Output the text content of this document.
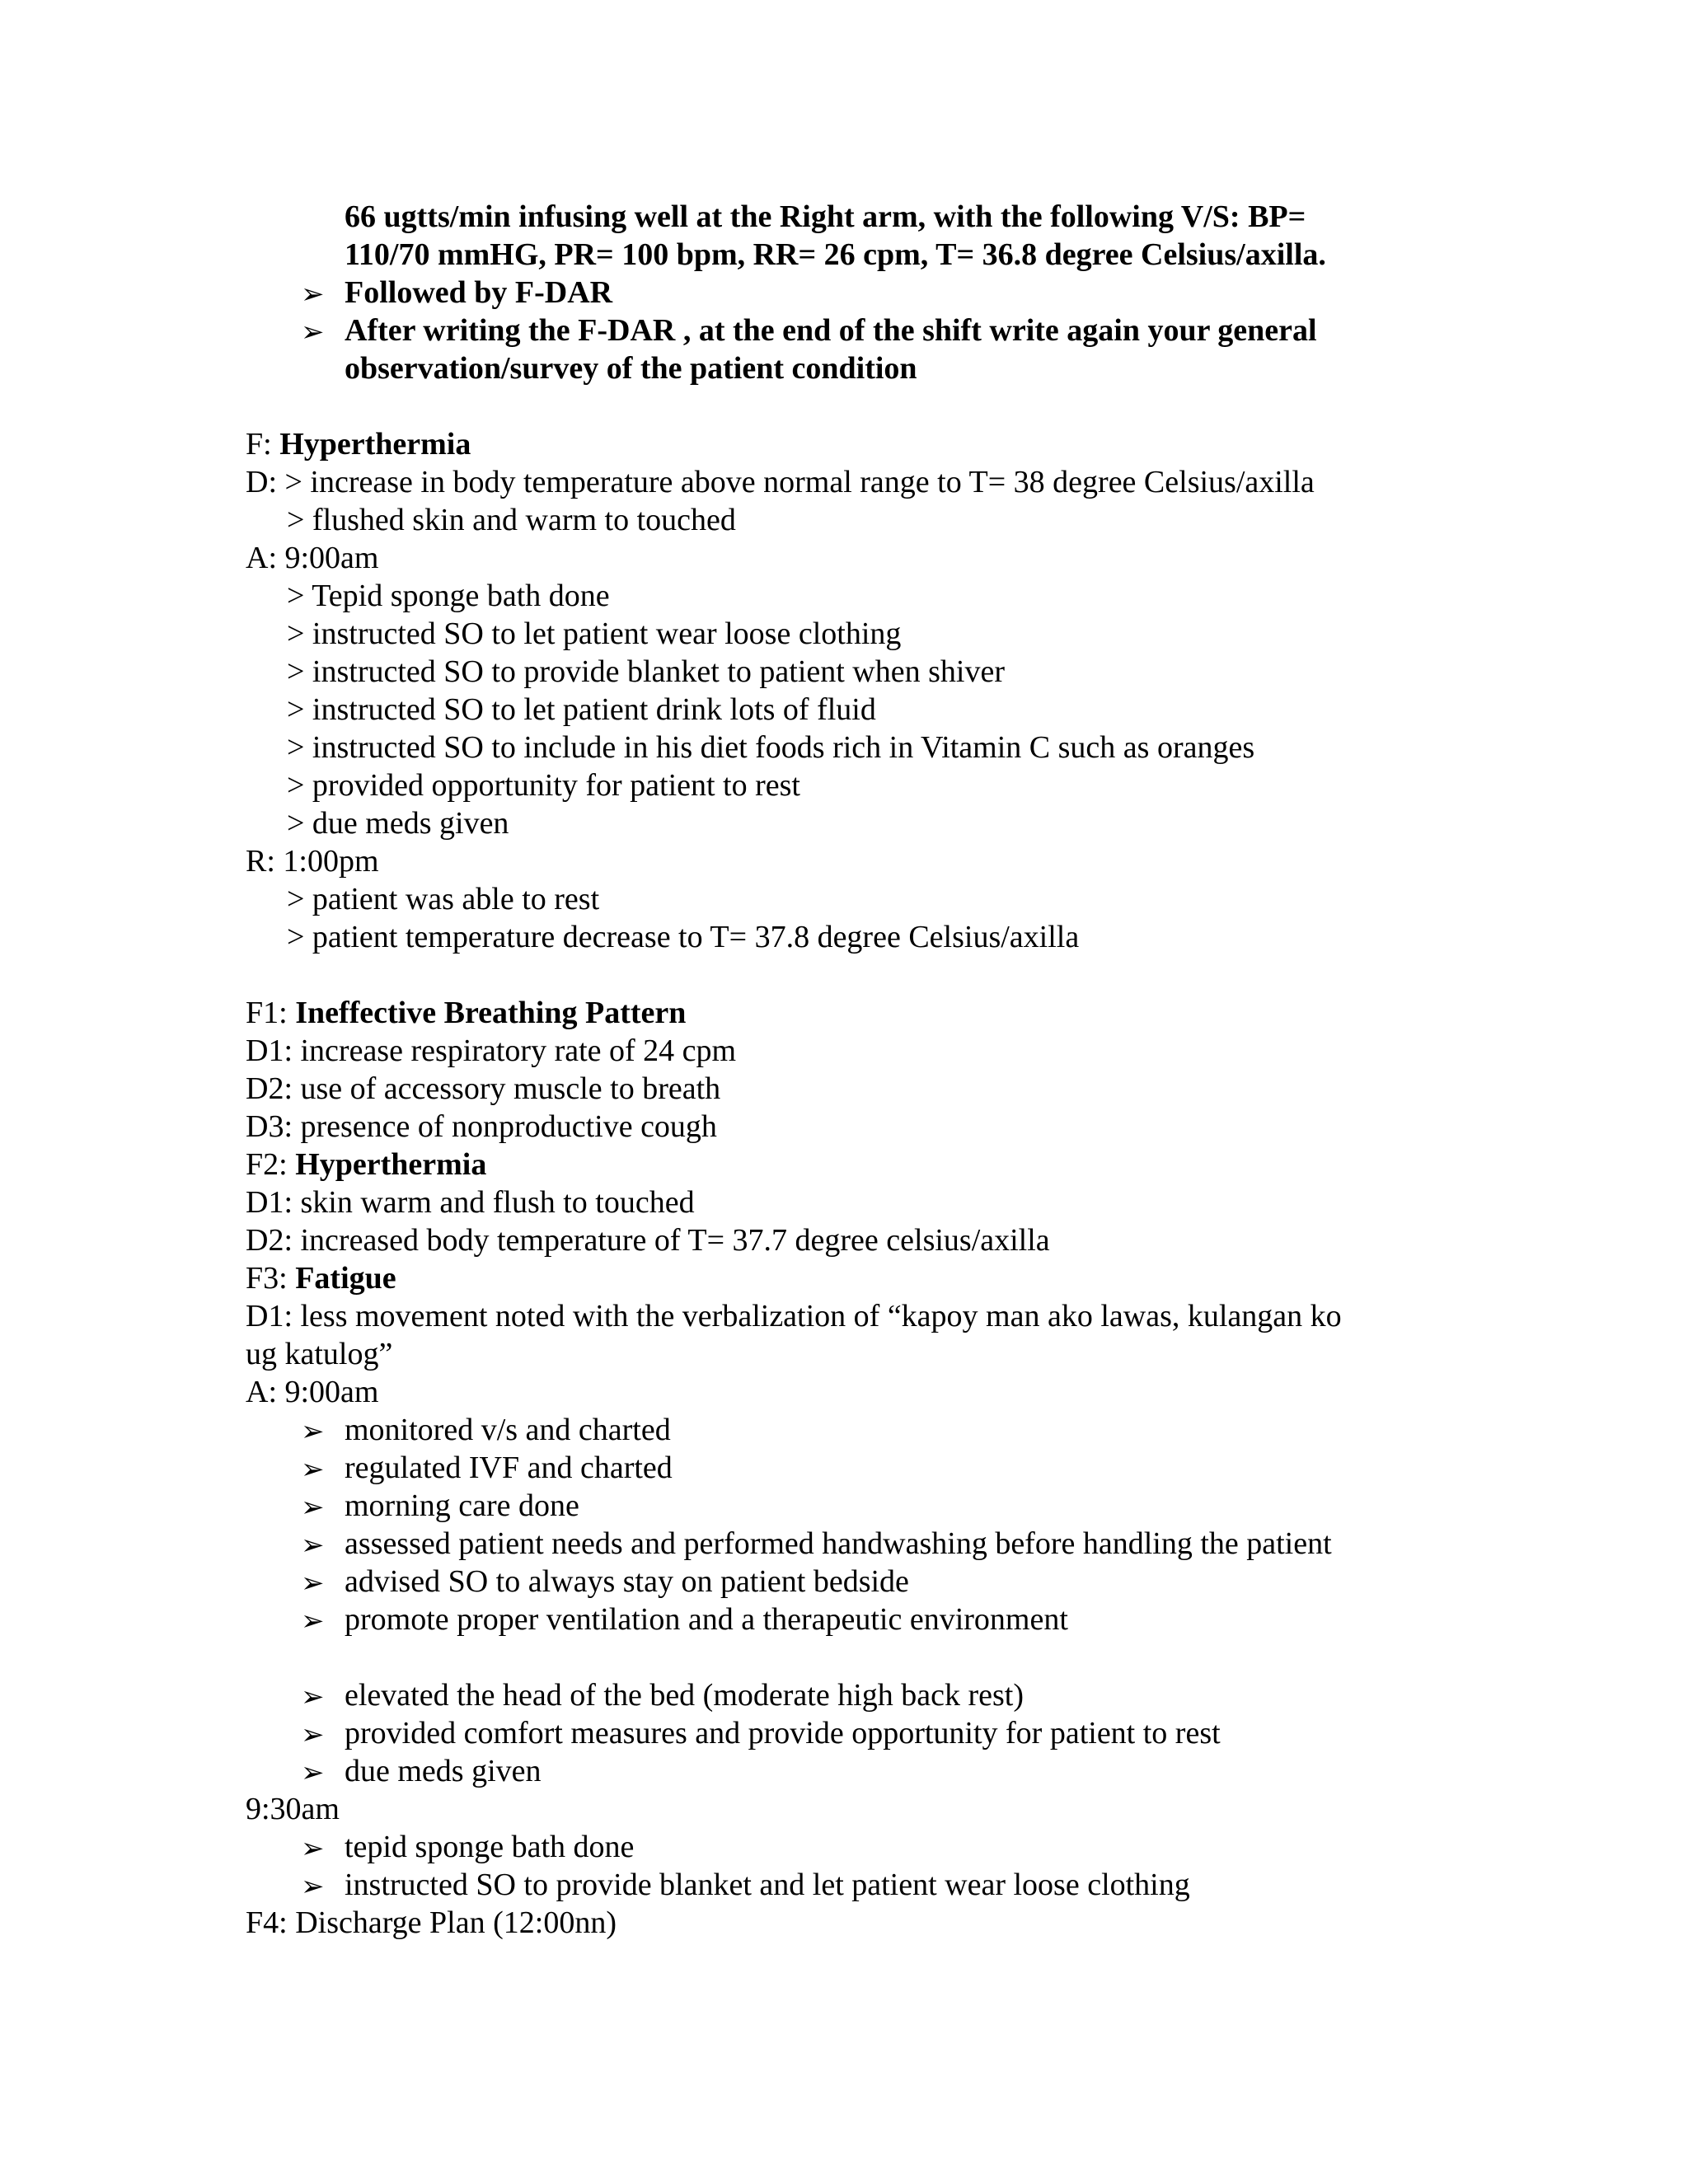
66 ugtts/min infusing well at the Right arm, with the following V/S: BP=
110/70 mmHG, PR= 100 bpm, RR= 26 cpm, T= 36.8 degree Celsius/axilla.
➢ Followed by F-DAR
➢ After writing the F-DAR , at the end of the shift write again your general
observation/survey of the patient condition
F: Hyperthermia
D: > increase in body temperature above normal range to T= 38 degree Celsius/axilla
> flushed skin and warm to touched
A: 9:00am
> Tepid sponge bath done
> instructed SO to let patient wear loose clothing
> instructed SO to provide blanket to patient when shiver
> instructed SO to let patient drink lots of fluid
> instructed SO to include in his diet foods rich in Vitamin C such as oranges
> provided opportunity for patient to rest
> due meds given
R: 1:00pm
> patient was able to rest
> patient temperature decrease to T= 37.8 degree Celsius/axilla
F1: Ineffective Breathing Pattern
D1: increase respiratory rate of 24 cpm
D2: use of accessory muscle to breath
D3: presence of nonproductive cough
F2: Hyperthermia
D1: skin warm and flush to touched
D2: increased body temperature of T= 37.7 degree celsius/axilla
F3: Fatigue
D1: less movement noted with the verbalization of “kapoy man ako lawas, kulangan ko
ug katulog”
A: 9:00am
➢ monitored v/s and charted
➢ regulated IVF and charted
➢ morning care done
➢ assessed patient needs and performed handwashing before handling the patient
➢ advised SO to always stay on patient bedside
➢ promote proper ventilation and a therapeutic environment
➢ elevated the head of the bed (moderate high back rest)
➢ provided comfort measures and provide opportunity for patient to rest
➢ due meds given
9:30am
➢ tepid sponge bath done
➢ instructed SO to provide blanket and let patient wear loose clothing
F4: Discharge Plan (12:00nn)
